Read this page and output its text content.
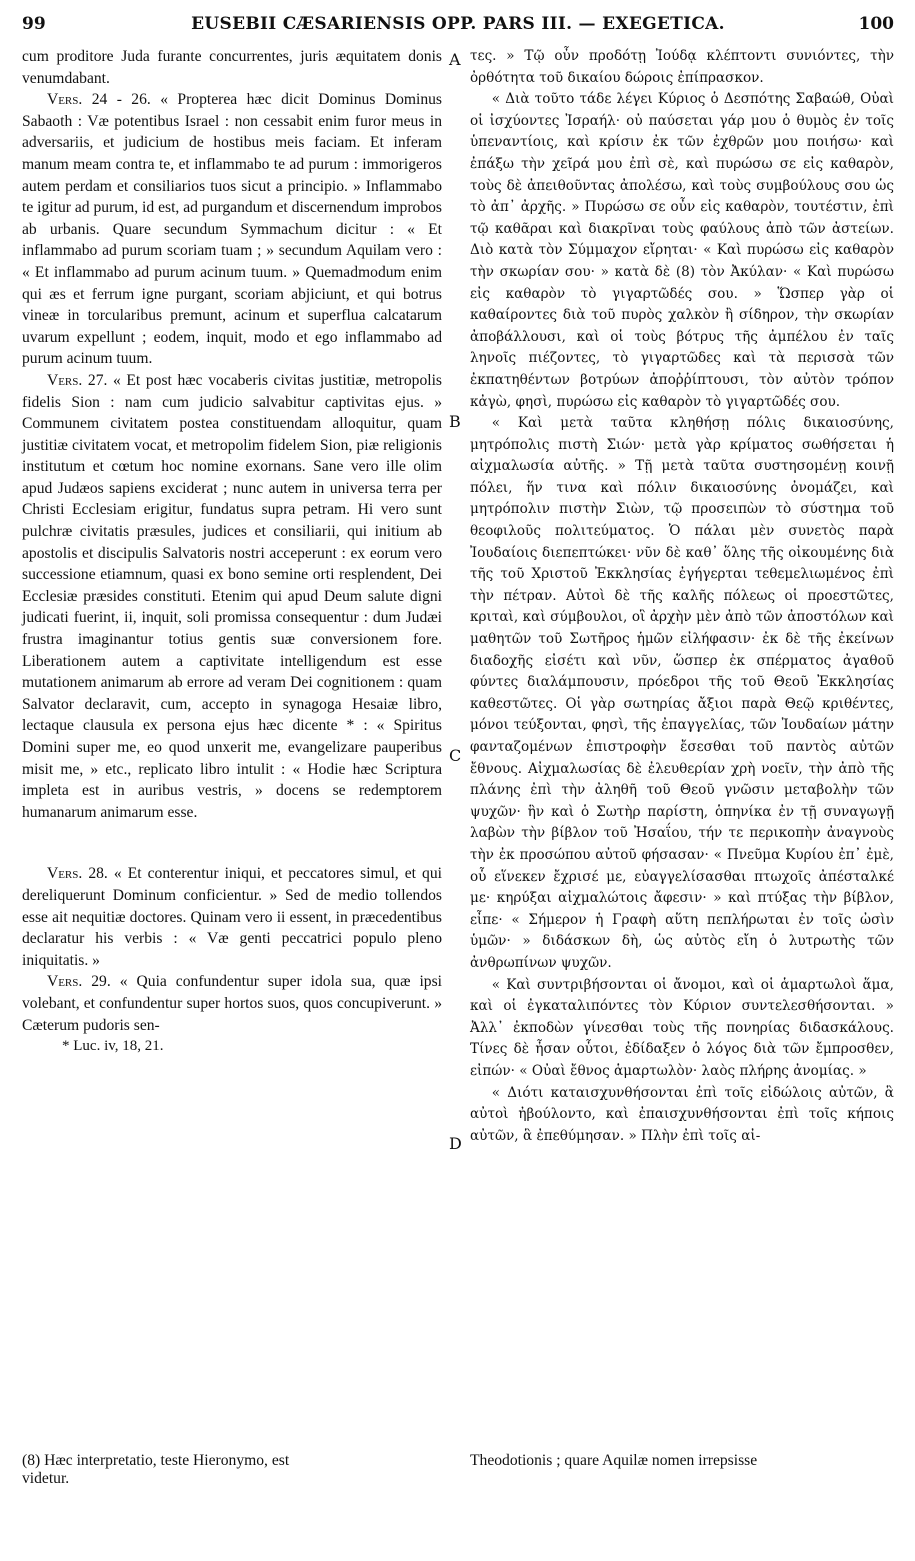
99	EUSEBII CÆSARIENSIS OPP. PARS III. — EXEGETICA.	100

cum proditore Juda furante concurrentes, juris æquitatem donis venumdabant.

Vers. 24 - 26. « Propterea hæc dicit Dominus Dominus Sabaoth : Væ potentibus Israel : non cessabit enim furor meus in adversariis, et judicium de hostibus meis faciam. Et inferam manum meam contra te, et inflammabo te ad purum : immorigeros autem perdam et consiliarios tuos sicut a principio. » Inflammabo te igitur ad purum, id est, ad purgandum et discernendum improbos ab urbanis. Quare secundum Symmachum dicitur : « Et inflammabo ad purum scoriam tuam ; » secundum Aquilam vero : « Et inflammabo ad purum acinum tuum. » Quemadmodum enim qui æs et ferrum igne purgant, scoriam abjiciunt, et qui botrus vineæ in torcularibus premunt, acinum et superflua calcatarum uvarum expellunt ; eodem, inquit, modo et ego inflammabo ad purum acinum tuum.

Vers. 27. « Et post hæc vocaberis civitas justitiæ, metropolis fidelis Sion : nam cum judicio salvabitur captivitas ejus. » Communem civitatem postea constituendam alloquitur, quam justitiæ civitatem vocat, et metropolim fidelem Sion, piæ religionis institutum et cœtum hoc nomine exornans. Sane vero ille olim apud Judæos sapiens exciderat ; nunc autem in universa terra per Christi Ecclesiam erigitur, fundatus supra petram. Hi vero sunt pulchræ civitatis præsules, judices et consiliarii, qui initium ab apostolis et discipulis Salvatoris nostri acceperunt : ex eorum vero successione etiamnum, quasi ex bono semine orti resplendent, Dei Ecclesiæ præsides constituti. Etenim qui apud Deum salute digni judicati fuerint, ii, inquit, soli promissa consequentur : dum Judæi frustra imaginantur totius gentis suæ conversionem fore. Liberationem autem a captivitate intelligendum est esse mutationem animarum ab errore ad veram Dei cognitionem : quam Salvator declaravit, cum, accepto in synagoga Hesaiæ libro, lectaque clausula ex persona ejus hæc dicente * : « Spiritus Domini super me, eo quod unxerit me, evangelizare pauperibus misit me, » etc., replicato libro intulit : « Hodie hæc Scriptura impleta est in auribus vestris, » docens se redemptorem humanarum animarum esse.

Vers. 28. « Et conterentur iniqui, et peccatores simul, et qui dereliquerunt Dominum conficientur. » Sed de medio tollendos esse ait nequitiæ doctores. Quinam vero ii essent, in præcedentibus declaratur his verbis : « Væ genti peccatrici populo pleno iniquitatis. »

Vers. 29. « Quia confundentur super idola sua, quæ ipsi volebant, et confundentur super hortos suos, quos concupiverunt. » Cæterum pudoris sen-

* Luc. iv, 18, 21.

A
B
C
D

τες. » Τῷ οὖν προδότῃ Ἰούδᾳ κλέπτοντι συνιόντες, τὴν ὀρθότητα τοῦ δικαίου δώροις ἐπίπρασκον.

« Διὰ τοῦτο τάδε λέγει Κύριος ὁ Δεσπότης Σαβαώθ, Οὐαὶ οἱ ἰσχύοντες Ἰσραήλ· οὐ παύσεται γάρ μου ὁ θυμὸς ἐν τοῖς ὑπεναντίοις, καὶ κρίσιν ἐκ τῶν ἐχθρῶν μου ποιήσω· καὶ ἐπάξω τὴν χεῖρά μου ἐπὶ σὲ, καὶ πυρώσω σε εἰς καθαρὸν, τοὺς δὲ ἀπειθοῦντας ἀπολέσω, καὶ τοὺς συμβούλους σου ὡς τὸ ἀπ᾽ ἀρχῆς. » Πυρώσω σε οὖν εἰς καθαρὸν, τουτέστιν, ἐπὶ τῷ καθᾶραι καὶ διακρῖναι τοὺς φαύλους ἀπὸ τῶν ἀστείων. Διὸ κατὰ τὸν Σύμμαχον εἴρηται· « Καὶ πυρώσω εἰς καθαρὸν τὴν σκωρίαν σου· » κατὰ δὲ (8) τὸν Ἀκύλαν· « Καὶ πυρώσω εἰς καθαρὸν τὸ γιγαρτῶδές σου. » Ὥσπερ γὰρ οἱ καθαίροντες διὰ τοῦ πυρὸς χαλκὸν ἢ σίδηρον, τὴν σκωρίαν ἀποβάλλουσι, καὶ οἱ τοὺς βότρυς τῆς ἀμπέλου ἐν ταῖς ληνοῖς πιέζοντες, τὸ γιγαρτῶδες καὶ τὰ περισσὰ τῶν ἐκπατηθέντων βοτρύων ἀποῤῥίπτουσι, τὸν αὐτὸν τρόπον κἀγὼ, φησὶ, πυρώσω εἰς καθαρὸν τὸ γιγαρτῶδές σου.

« Καὶ μετὰ ταῦτα κληθήσῃ πόλις δικαιοσύνης, μητρόπολις πιστὴ Σιών· μετὰ γὰρ κρίματος σωθήσεται ἡ αἰχμαλωσία αὐτῆς. » Τῇ μετὰ ταῦτα συστησομένῃ κοινῇ πόλει, ἥν τινα καὶ πόλιν δικαιοσύνης ὀνομάζει, καὶ μητρόπολιν πιστὴν Σιὼν, τῷ προσειπὼν τὸ σύστημα τοῦ θεοφιλοῦς πολιτεύματος. Ὁ πάλαι μὲν συνετὸς παρὰ Ἰουδαίοις διεπεπτώκει· νῦν δὲ καθ᾽ ὅλης τῆς οἰκουμένης διὰ τῆς τοῦ Χριστοῦ Ἐκκλησίας ἐγήγερται τεθεμελιωμένος ἐπὶ τὴν πέτραν. Αὐτοὶ δὲ τῆς καλῆς πόλεως οἱ προεστῶτες, κριταὶ, καὶ σύμβουλοι, οἳ ἀρχὴν μὲν ἀπὸ τῶν ἀποστόλων καὶ μαθητῶν τοῦ Σωτῆρος ἡμῶν εἰλήφασιν· ἐκ δὲ τῆς ἐκείνων διαδοχῆς εἰσέτι καὶ νῦν, ὥσπερ ἐκ σπέρματος ἀγαθοῦ φύντες διαλάμπουσιν, πρόεδροι τῆς τοῦ Θεοῦ Ἐκκλησίας καθεστῶτες. Οἱ γὰρ σωτηρίας ἄξιοι παρὰ Θεῷ κριθέντες, μόνοι τεύξονται, φησὶ, τῆς ἐπαγγελίας, τῶν Ἰουδαίων μάτην φανταζομένων ἐπιστροφὴν ἔσεσθαι τοῦ παντὸς αὐτῶν ἔθνους. Αἰχμαλωσίας δὲ ἐλευθερίαν χρὴ νοεῖν, τὴν ἀπὸ τῆς πλάνης ἐπὶ τὴν ἀληθῆ τοῦ Θεοῦ γνῶσιν μεταβολὴν τῶν ψυχῶν· ἣν καὶ ὁ Σωτὴρ παρίστη, ὁπηνίκα ἐν τῇ συναγωγῇ λαβὼν τὴν βίβλον τοῦ Ἠσαΐου, τήν τε περικοπὴν ἀναγνοὺς τὴν ἐκ προσώπου αὐτοῦ φήσασαν· « Πνεῦμα Κυρίου ἐπ᾽ ἐμὲ, οὗ εἵνεκεν ἔχρισέ με, εὐαγγελίσασθαι πτωχοῖς ἀπέσταλκέ με· κηρύξαι αἰχμαλώτοις ἄφεσιν· » καὶ πτύξας τὴν βίβλον, εἶπε· « Σήμερον ἡ Γραφὴ αὕτη πεπλήρωται ἐν τοῖς ὠσὶν ὑμῶν· » διδάσκων δὴ, ὡς αὐτὸς εἴη ὁ λυτρωτὴς τῶν ἀνθρωπίνων ψυχῶν.

« Καὶ συντριβήσονται οἱ ἄνομοι, καὶ οἱ ἁμαρτωλοὶ ἅμα, καὶ οἱ ἐγκαταλιπόντες τὸν Κύριον συντελεσθήσονται. » Ἀλλ᾽ ἐκποδὼν γίνεσθαι τοὺς τῆς πονηρίας διδασκάλους. Τίνες δὲ ἦσαν οὗτοι, ἐδίδαξεν ὁ λόγος διὰ τῶν ἔμπροσθεν, εἰπών· « Οὐαὶ ἔθνος ἁμαρτωλὸν· λαὸς πλήρης ἀνομίας. »

« Διότι καταισχυνθήσονται ἐπὶ τοῖς εἰδώλοις αὐτῶν, ἃ αὐτοὶ ἠβούλοντο, καὶ ἐπαισχυνθήσονται ἐπὶ τοῖς κήποις αὐτῶν, ἃ ἐπεθύμησαν. » Πλὴν ἐπὶ τοῖς αἰ-

(8) Hæc interpretatio, teste Hieronymo, est	Theodotionis ; quare Aquilæ nomen irrepsisse
videtur.
